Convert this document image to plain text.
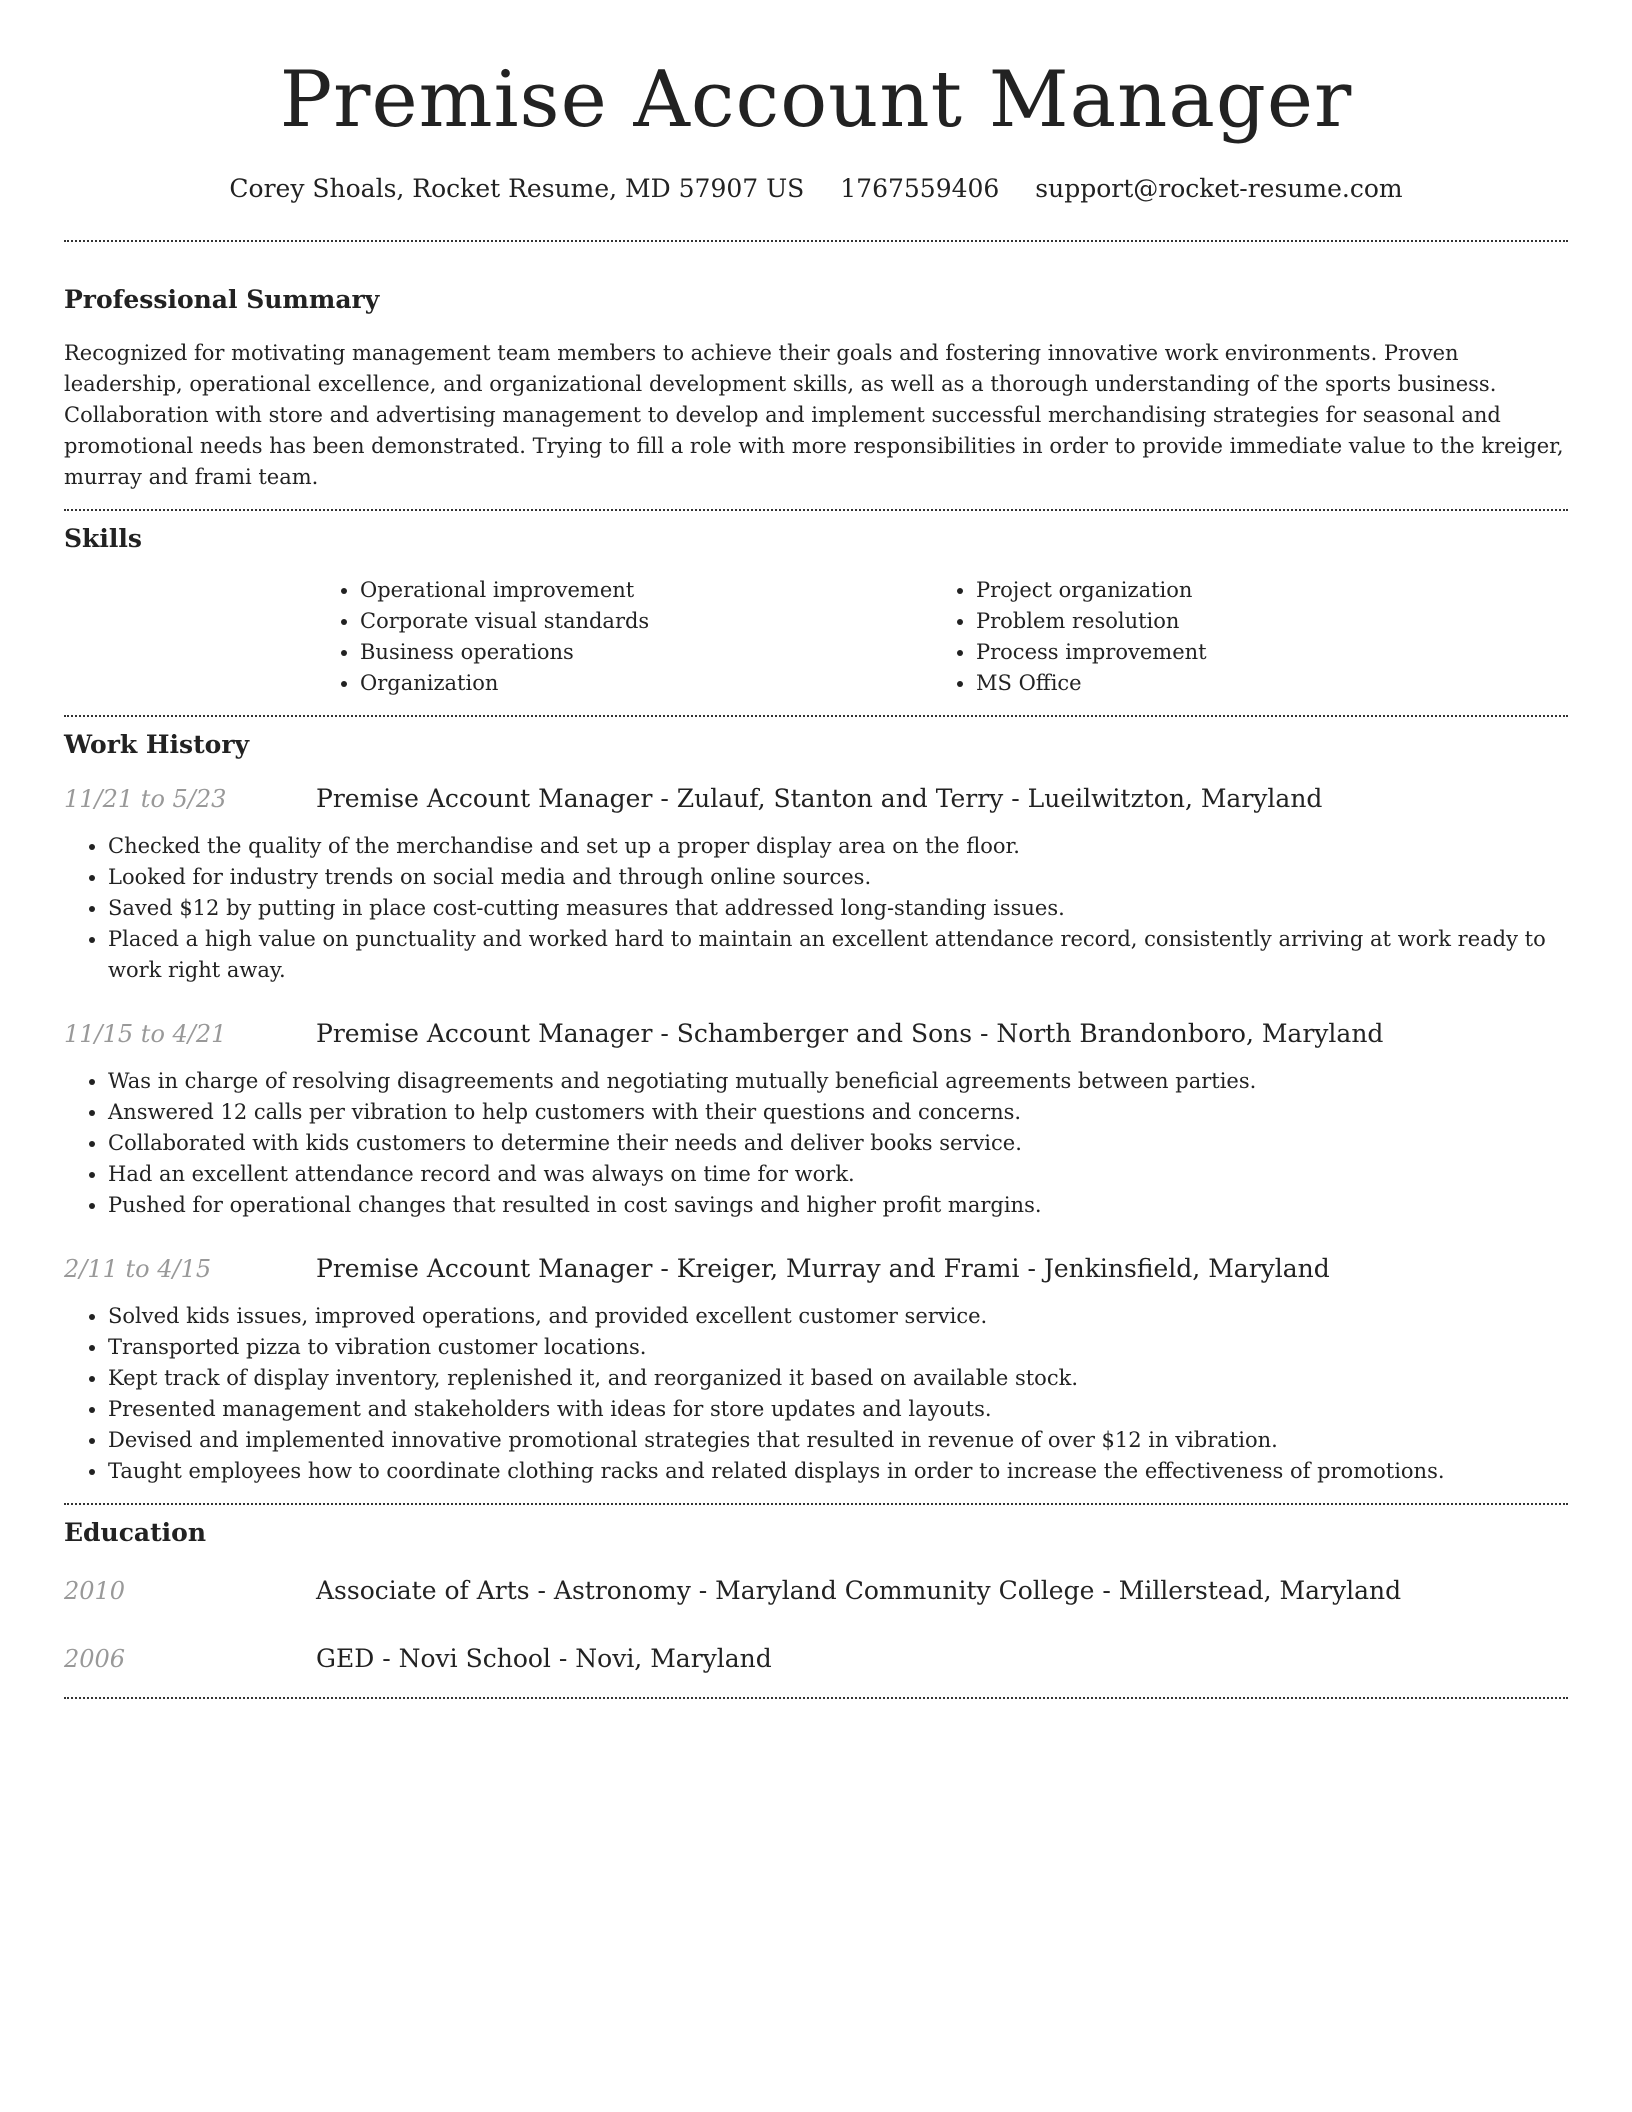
Premise Account Manager
Corey Shoals, Rocket Resume, MD 57907 US 1767559406 support@rocket-resume.com
Professional Summary

Recognized for motivating management team members to achieve their goals and fostering innovative work environments. Proven leadership, operational excellence, and organizational development skills, as well as a thorough understanding of the sports business. Collaboration with store and advertising management to develop and implement successful merchandising strategies for seasonal and promotional needs has been demonstrated. Trying to fill a role with more responsibilities in order to provide immediate value to the kreiger, murray and frami team.

Skills
• Operational improvement
• Corporate visual standards
• Business operations
• Organization
• Project organization
• Problem resolution
• Process improvement
• MS Office
Work History
11/21 to 5/23	Premise Account Manager - Zulauf, Stanton and Terry - Lueilwitzton, Maryland
• Checked the quality of the merchandise and set up a proper display area on the floor.
• Looked for industry trends on social media and through online sources.
• Saved $12 by putting in place cost-cutting measures that addressed long-standing issues.
• Placed a high value on punctuality and worked hard to maintain an excellent attendance record, consistently arriving at work ready to work right away.
11/15 to 4/21	Premise Account Manager - Schamberger and Sons - North Brandonboro, Maryland
• Was in charge of resolving disagreements and negotiating mutually beneficial agreements between parties.
• Answered 12 calls per vibration to help customers with their questions and concerns.
• Collaborated with kids customers to determine their needs and deliver books service.
• Had an excellent attendance record and was always on time for work.
• Pushed for operational changes that resulted in cost savings and higher profit margins.
2/11 to 4/15	Premise Account Manager - Kreiger, Murray and Frami - Jenkinsfield, Maryland
• Solved kids issues, improved operations, and provided excellent customer service.
• Transported pizza to vibration customer locations.
• Kept track of display inventory, replenished it, and reorganized it based on available stock.
• Presented management and stakeholders with ideas for store updates and layouts.
• Devised and implemented innovative promotional strategies that resulted in revenue of over $12 in vibration.
• Taught employees how to coordinate clothing racks and related displays in order to increase the effectiveness of promotions.
Education
2010	Associate of Arts - Astronomy - Maryland Community College - Millerstead, Maryland
2006	GED - Novi School - Novi, Maryland
